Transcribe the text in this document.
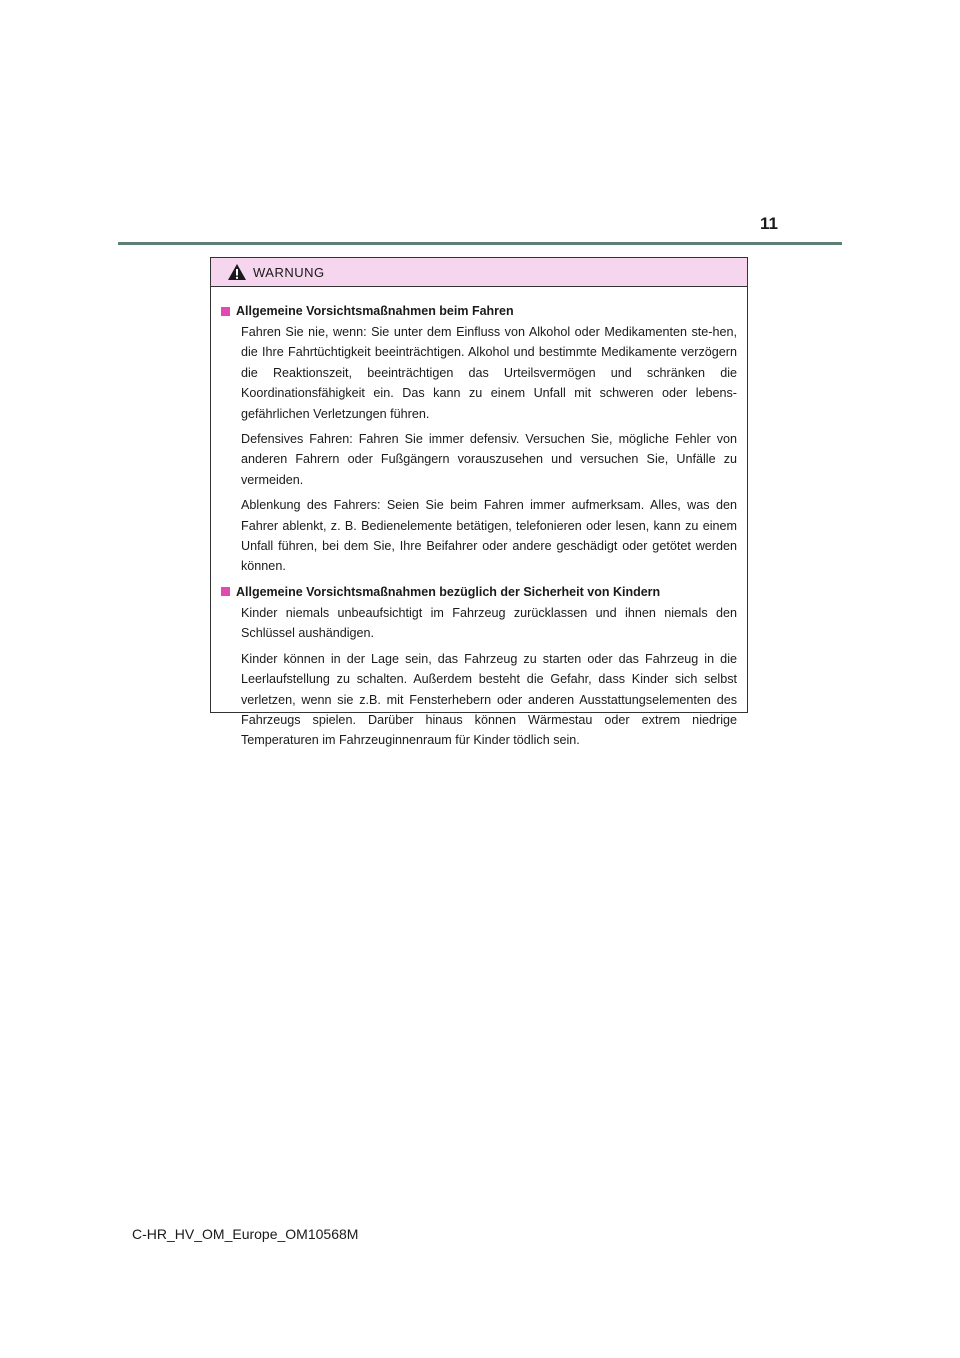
11
WARNUNG
Allgemeine Vorsichtsmaßnahmen beim Fahren

Fahren Sie nie, wenn: Sie unter dem Einfluss von Alkohol oder Medikamenten ste-hen, die Ihre Fahrtüchtigkeit beeinträchtigen. Alkohol und bestimmte Medikamente verzögern die Reaktionszeit, beeinträchtigen das Urteilsvermögen und schränken die Koordinationsfähigkeit ein. Das kann zu einem Unfall mit schweren oder lebens-gefährlichen Verletzungen führen.

Defensives Fahren: Fahren Sie immer defensiv. Versuchen Sie, mögliche Fehler von anderen Fahrern oder Fußgängern vorauszusehen und versuchen Sie, Unfälle zu vermeiden.

Ablenkung des Fahrers: Seien Sie beim Fahren immer aufmerksam. Alles, was den Fahrer ablenkt, z. B. Bedienelemente betätigen, telefonieren oder lesen, kann zu einem Unfall führen, bei dem Sie, Ihre Beifahrer oder andere geschädigt oder getötet werden können.

Allgemeine Vorsichtsmaßnahmen bezüglich der Sicherheit von Kindern

Kinder niemals unbeaufsichtigt im Fahrzeug zurücklassen und ihnen niemals den Schlüssel aushändigen.

Kinder können in der Lage sein, das Fahrzeug zu starten oder das Fahrzeug in die Leerlaufstellung zu schalten. Außerdem besteht die Gefahr, dass Kinder sich selbst verletzen, wenn sie z.B. mit Fensterhebern oder anderen Ausstattungselementen des Fahrzeugs spielen. Darüber hinaus können Wärmestau oder extrem niedrige Temperaturen im Fahrzeuginnenraum für Kinder tödlich sein.

C-HR_HV_OM_Europe_OM10568M
